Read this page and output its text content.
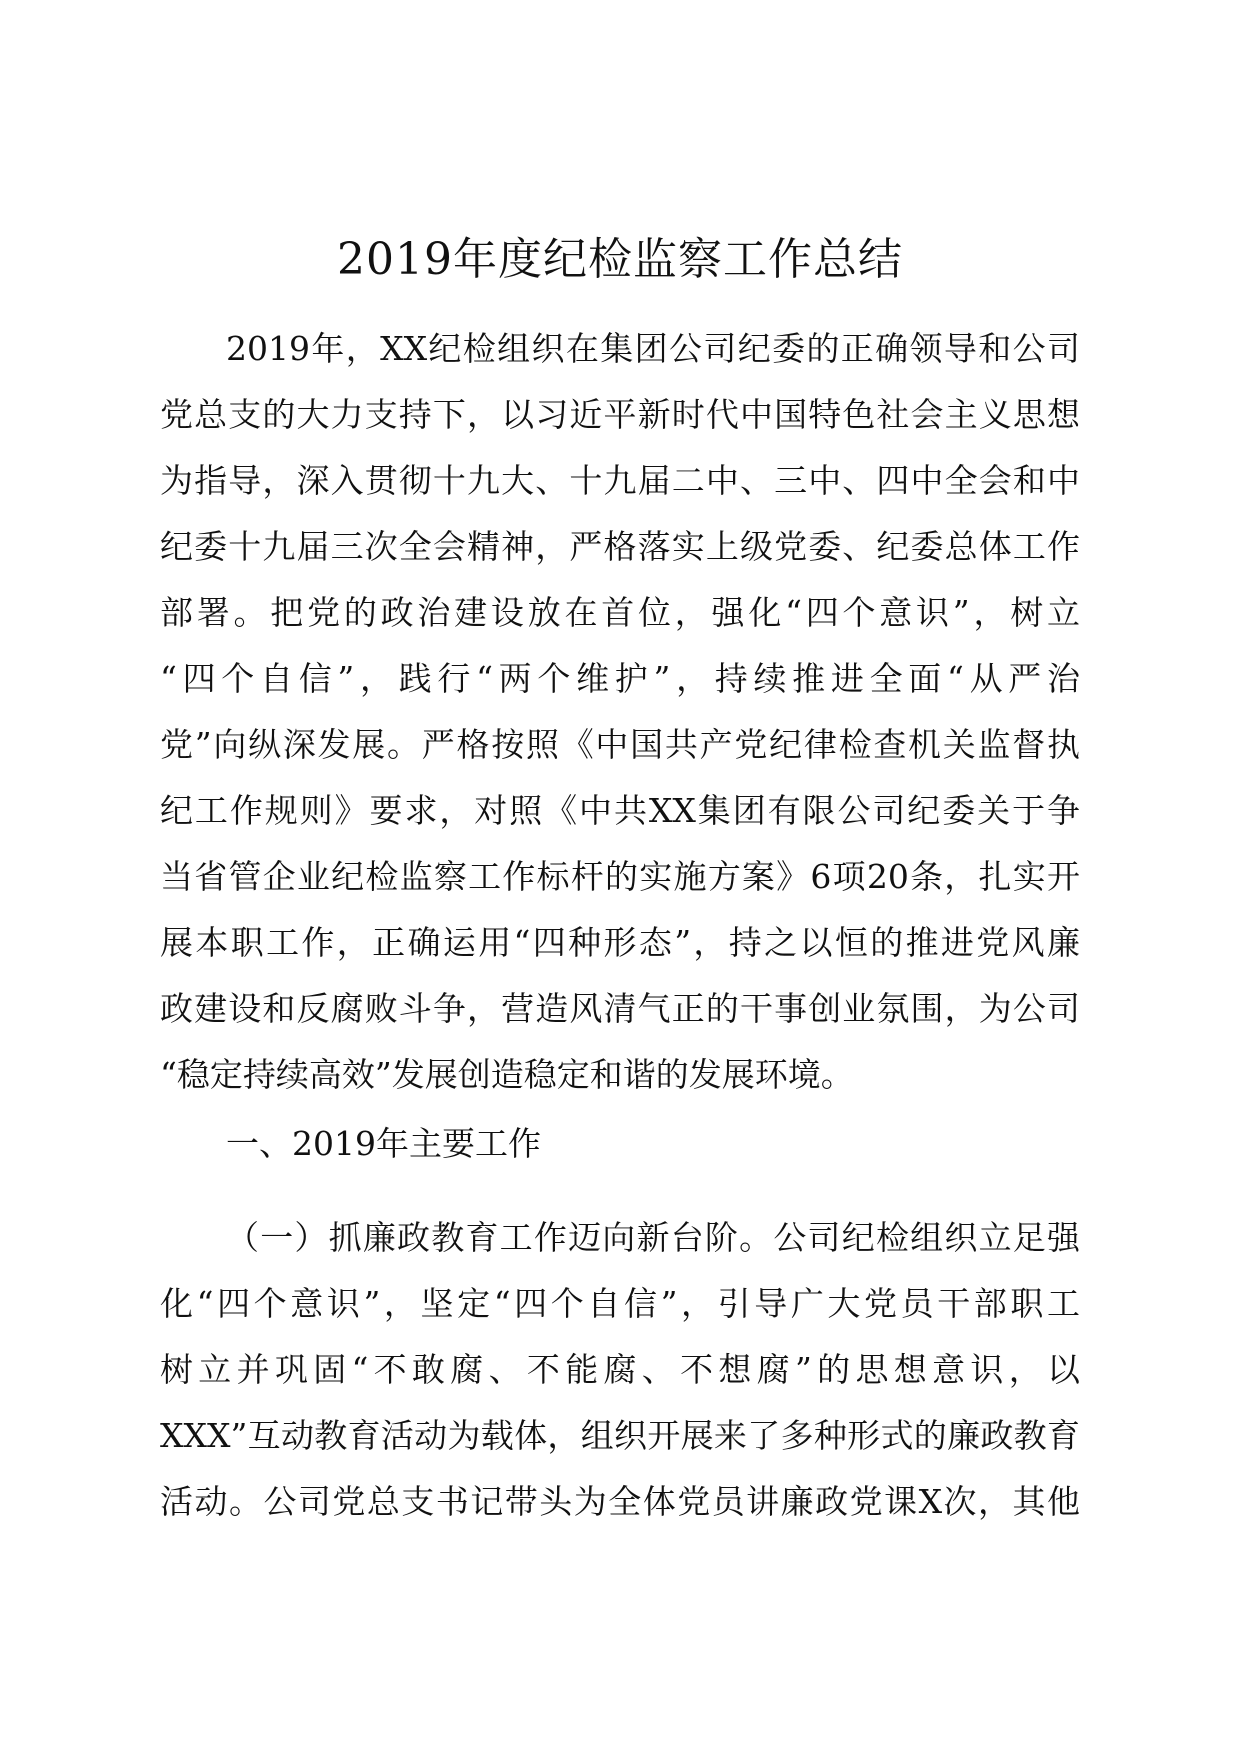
2019年度纪检监察工作总结
2019年，XX纪检组织在集团公司纪委的正确领导和公司
党总支的大力支持下，以习近平新时代中国特色社会主义思想
为指导，深入贯彻十九大、十九届二中、三中、四中全会和中
纪委十九届三次全会精神，严格落实上级党委、纪委总体工作
部署。把党的政治建设放在首位，强化“四个意识”，树立
“四个自信”，践行“两个维护”，持续推进全面“从严治
党”向纵深发展。严格按照《中国共产党纪律检查机关监督执
纪工作规则》要求，对照《中共XX集团有限公司纪委关于争
当省管企业纪检监察工作标杆的实施方案》6项20条，扎实开
展本职工作，正确运用“四种形态”，持之以恒的推进党风廉
政建设和反腐败斗争，营造风清气正的干事创业氛围，为公司
“稳定持续高效”发展创造稳定和谐的发展环境。
一、2019年主要工作
（一）抓廉政教育工作迈向新台阶。公司纪检组织立足强
化“四个意识”，坚定“四个自信”，引导广大党员干部职工
树立并巩固“不敢腐、不能腐、不想腐”的思想意识，以
XXX”互动教育活动为载体，组织开展来了多种形式的廉政教育
活动。公司党总支书记带头为全体党员讲廉政党课X次，其他
